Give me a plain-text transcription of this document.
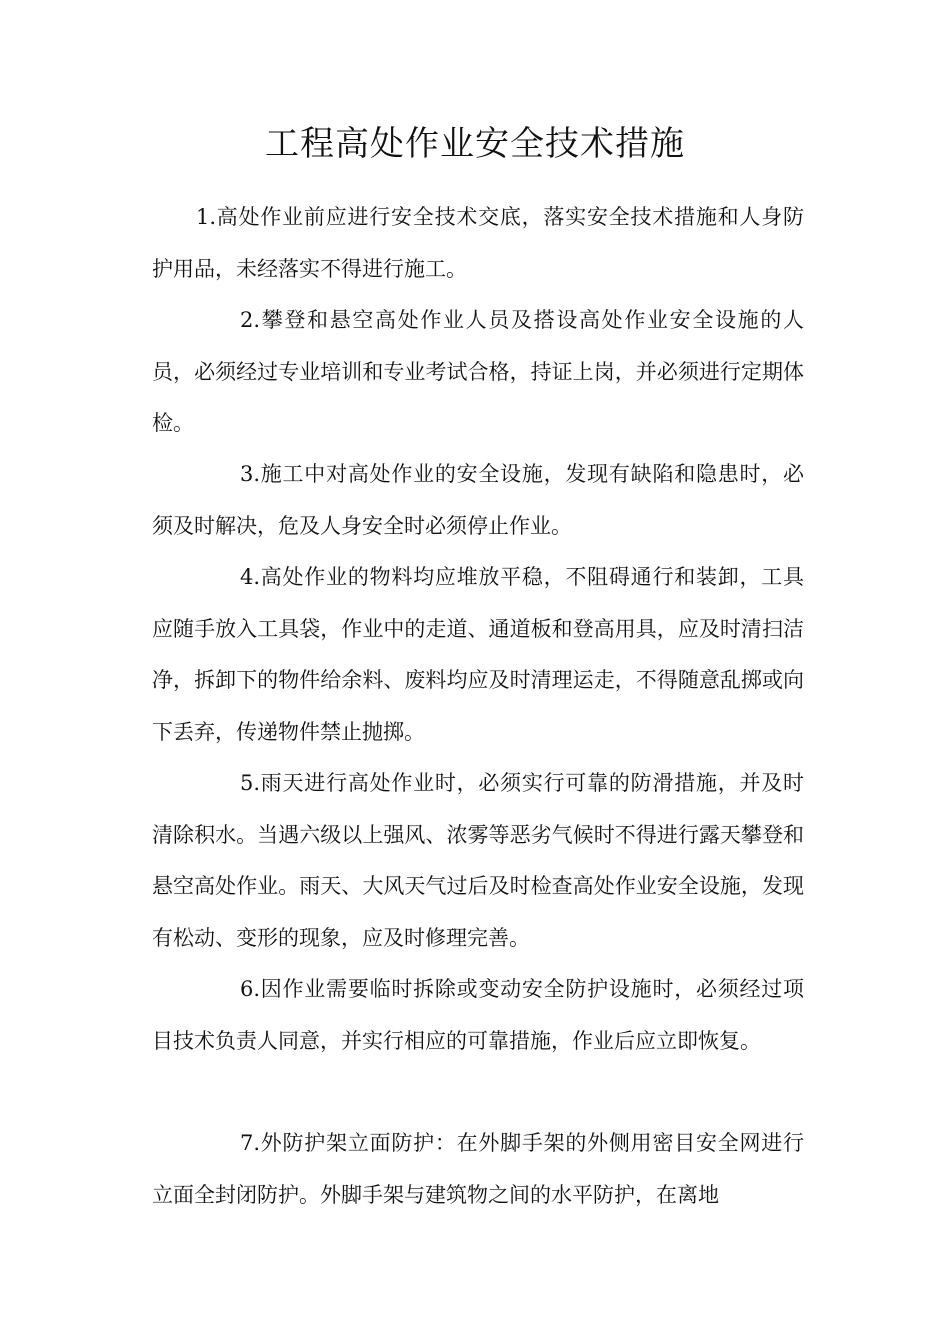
工程高处作业安全技术措施

1.高处作业前应进行安全技术交底，落实安全技术措施和人身防护用品，未经落实不得进行施工。

2.攀登和悬空高处作业人员及搭设高处作业安全设施的人员，必须经过专业培训和专业考试合格，持证上岗，并必须进行定期体检。

3.施工中对高处作业的安全设施，发现有缺陷和隐患时，必须及时解决，危及人身安全时必须停止作业。

4.高处作业的物料均应堆放平稳，不阻碍通行和装卸，工具应随手放入工具袋，作业中的走道、通道板和登高用具，应及时清扫洁净，拆卸下的物件给余料、废料均应及时清理运走，不得随意乱掷或向下丢弃，传递物件禁止抛掷。

5.雨天进行高处作业时，必须实行可靠的防滑措施，并及时清除积水。当遇六级以上强风、浓雾等恶劣气候时不得进行露天攀登和悬空高处作业。雨天、大风天气过后及时检查高处作业安全设施，发现有松动、变形的现象，应及时修理完善。

6.因作业需要临时拆除或变动安全防护设施时，必须经过项目技术负责人同意，并实行相应的可靠措施，作业后应立即恢复。

7.外防护架立面防护：在外脚手架的外侧用密目安全网进行立面全封闭防护。外脚手架与建筑物之间的水平防护，在离地
